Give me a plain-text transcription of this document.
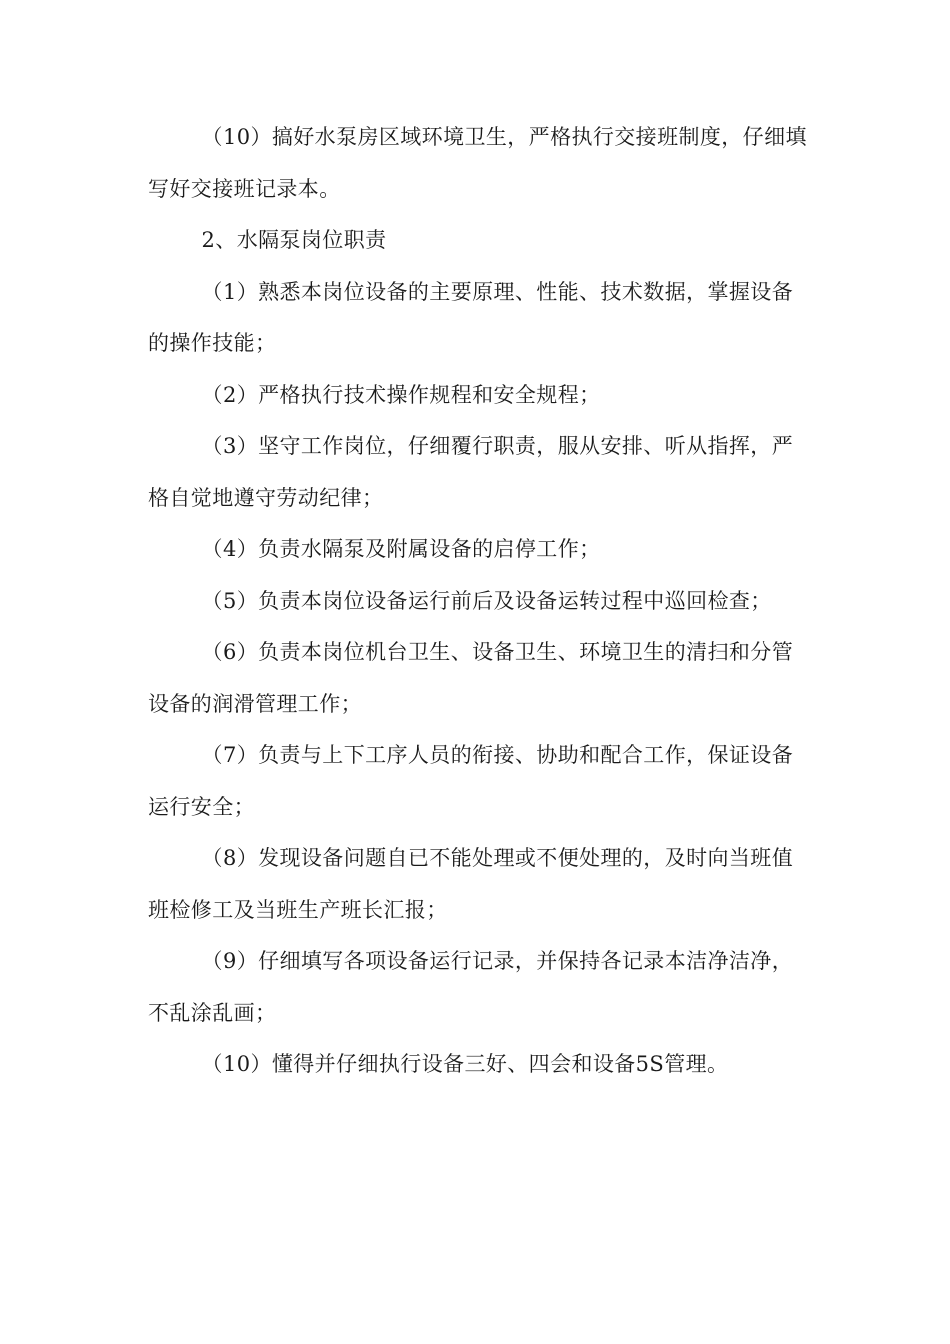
（10）搞好水泵房区域环境卫生，严格执行交接班制度，仔细填写好交接班记录本。

2、水隔泵岗位职责

（1）熟悉本岗位设备的主要原理、性能、技术数据，掌握设备的操作技能；

（2）严格执行技术操作规程和安全规程；

（3）坚守工作岗位，仔细覆行职责，服从安排、听从指挥，严格自觉地遵守劳动纪律；

（4）负责水隔泵及附属设备的启停工作；

（5）负责本岗位设备运行前后及设备运转过程中巡回检查；

（6）负责本岗位机台卫生、设备卫生、环境卫生的清扫和分管设备的润滑管理工作；

（7）负责与上下工序人员的衔接、协助和配合工作，保证设备运行安全；

（8）发现设备问题自已不能处理或不便处理的，及时向当班值班检修工及当班生产班长汇报；

（9）仔细填写各项设备运行记录，并保持各记录本洁净洁净，不乱涂乱画；

（10）懂得并仔细执行设备三好、四会和设备5S管理。
